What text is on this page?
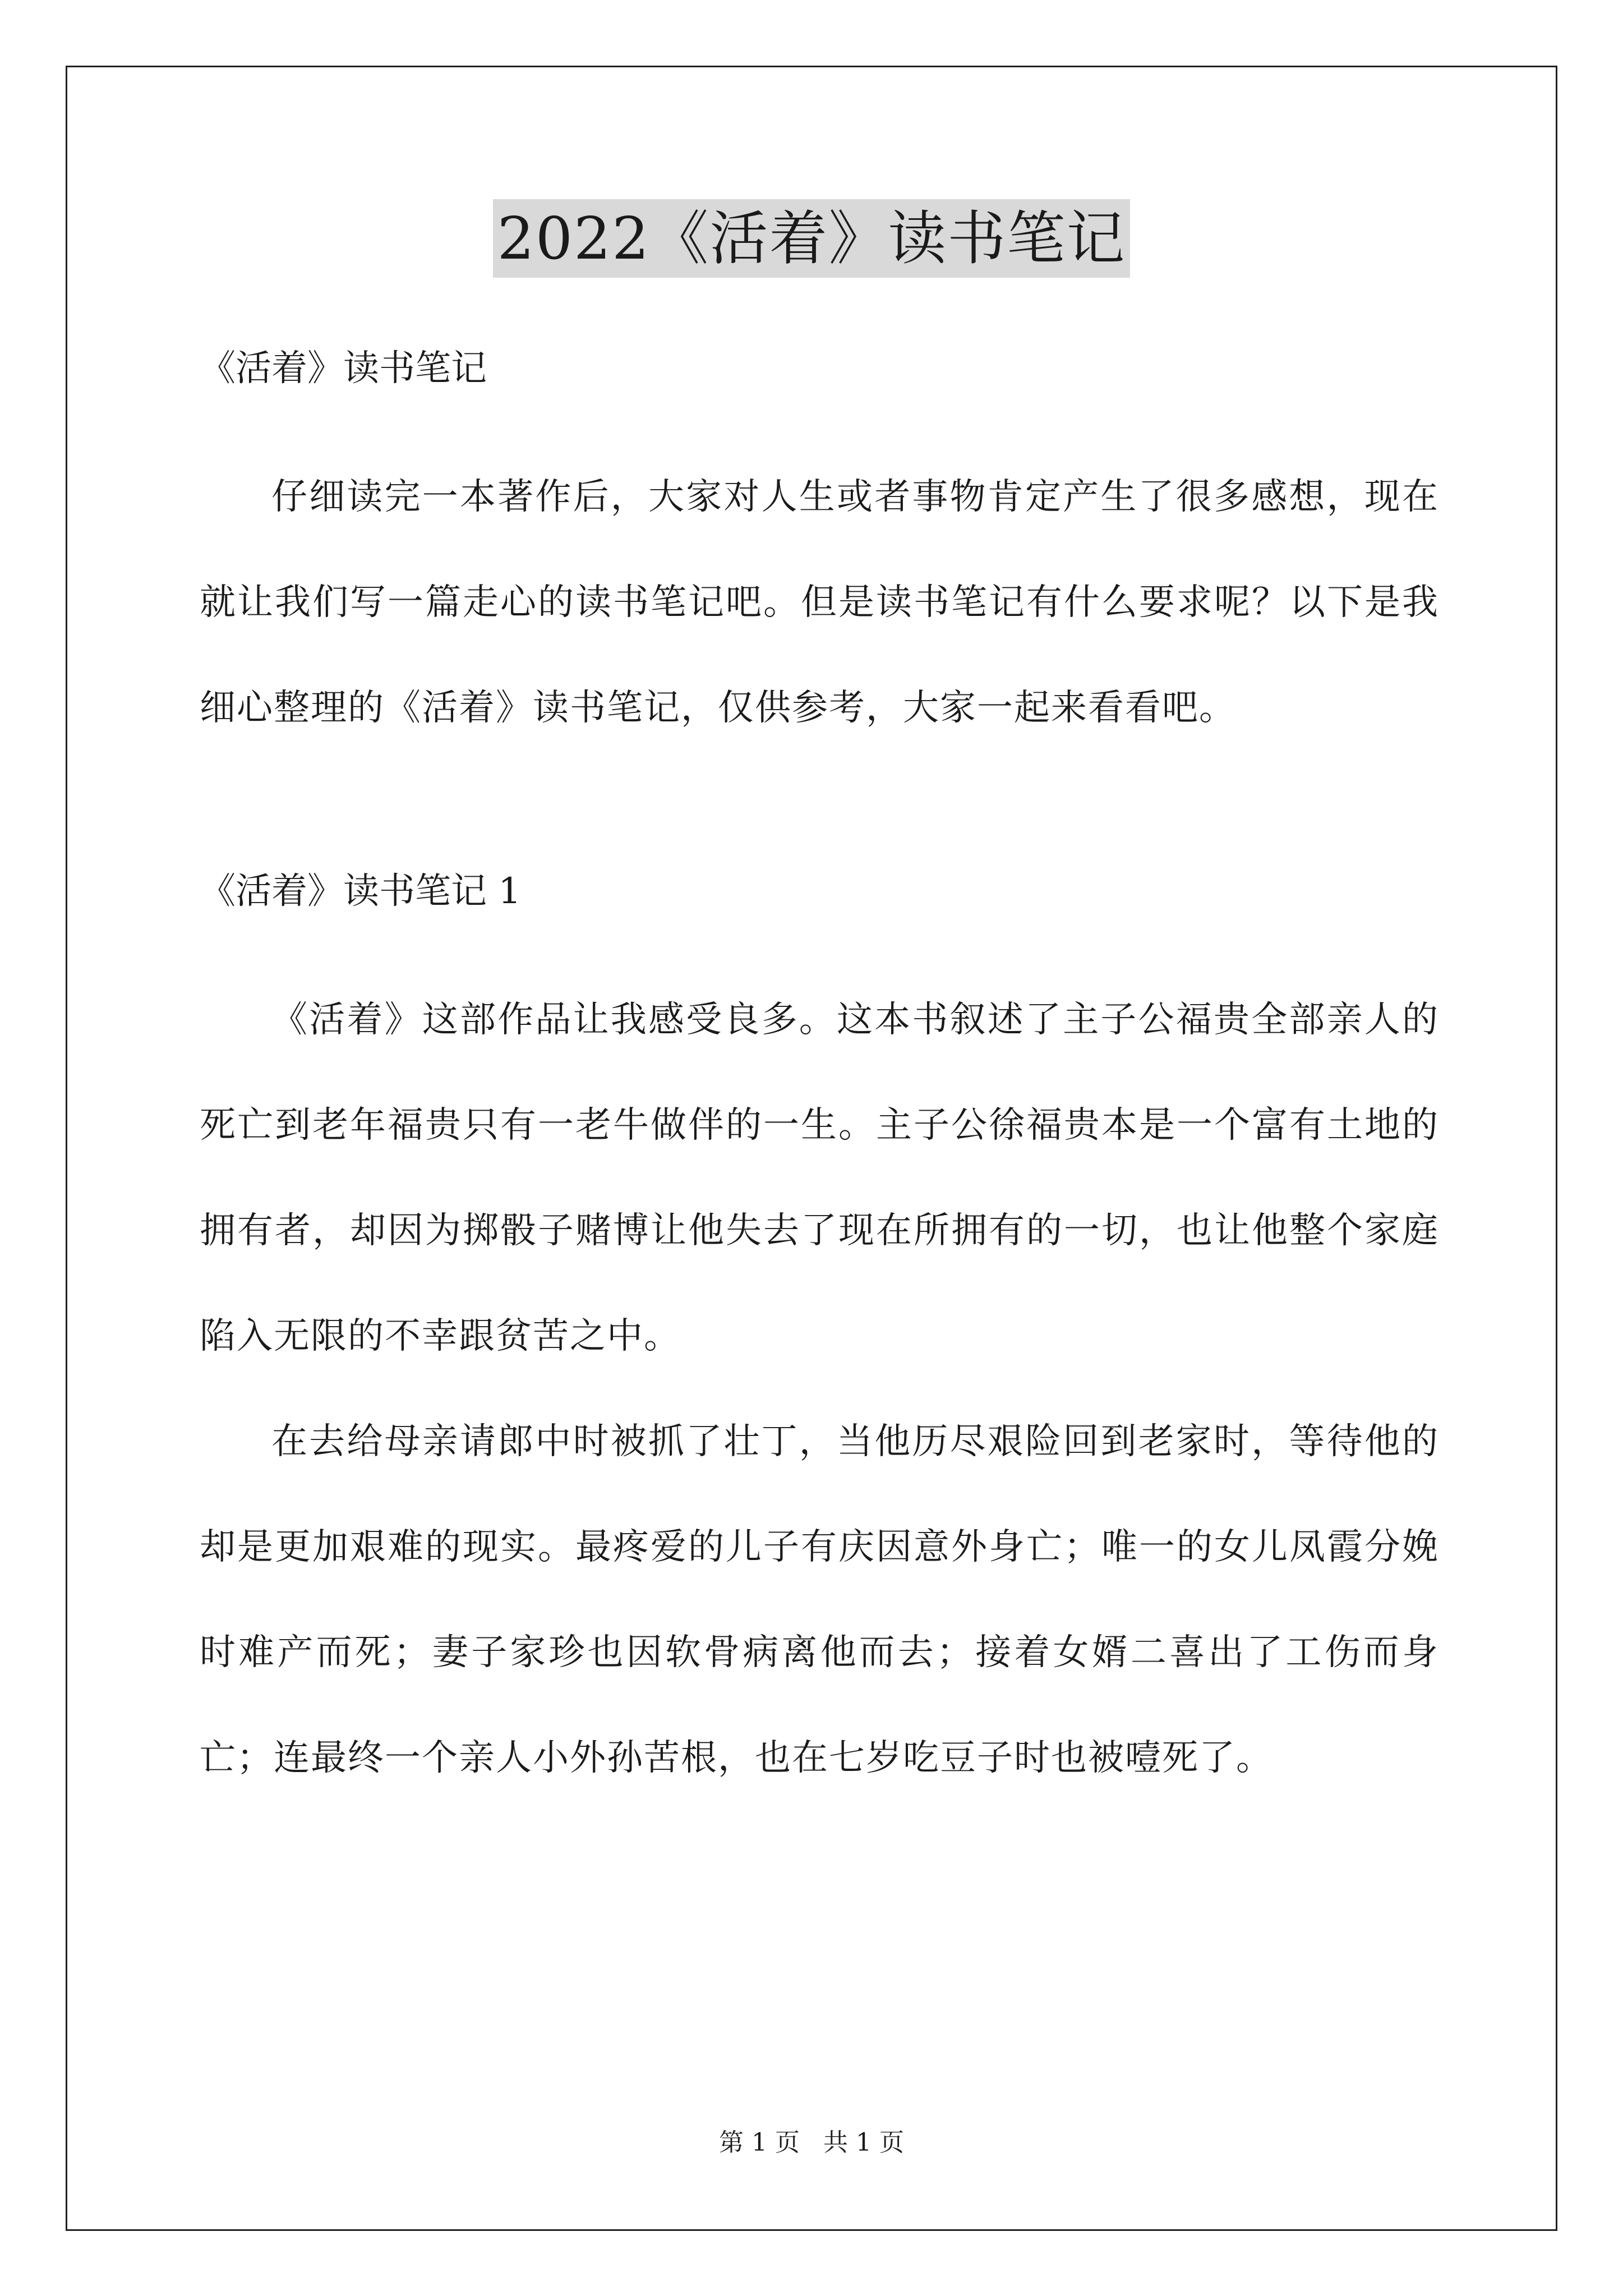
2022《活着》读书笔记
《活着》读书笔记

仔细读完一本著作后，大家对人生或者事物肯定产生了很多感想，现在就让我们写一篇走心的读书笔记吧。但是读书笔记有什么要求呢？以下是我细心整理的《活着》读书笔记，仅供参考，大家一起来看看吧。

《活着》读书笔记 1

《活着》这部作品让我感受良多。这本书叙述了主子公福贵全部亲人的死亡到老年福贵只有一老牛做伴的一生。主子公徐福贵本是一个富有土地的拥有者，却因为掷骰子赌博让他失去了现在所拥有的一切，也让他整个家庭陷入无限的不幸跟贫苦之中。

在去给母亲请郎中时被抓了壮丁，当他历尽艰险回到老家时，等待他的却是更加艰难的现实。最疼爱的儿子有庆因意外身亡；唯一的女儿凤霞分娩时难产而死；妻子家珍也因软骨病离他而去；接着女婿二喜出了工伤而身亡；连最终一个亲人小外孙苦根，也在七岁吃豆子时也被噎死了。

第 1 页   共 1 页
